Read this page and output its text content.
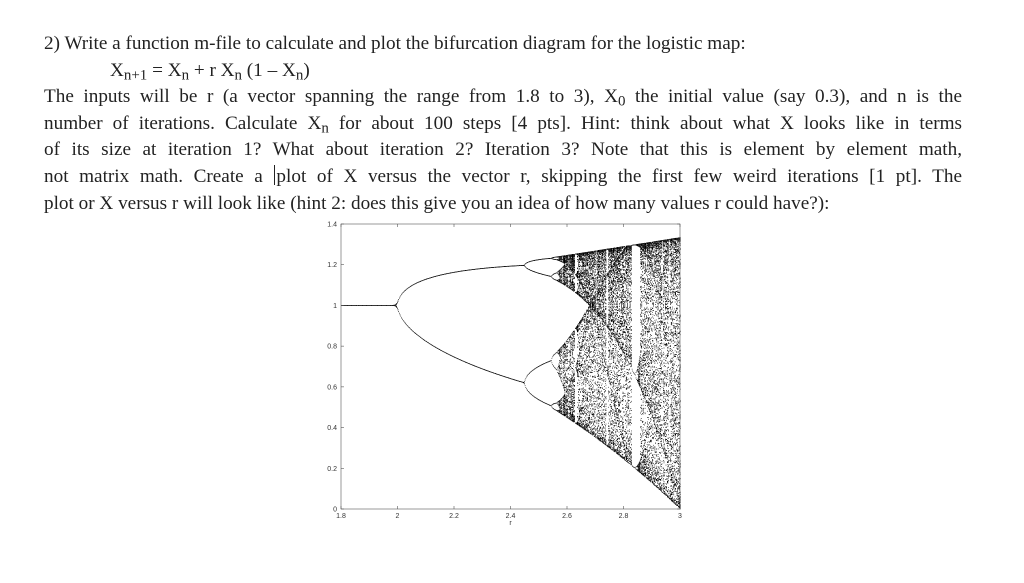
2) Write a function m-file to calculate and plot the bifurcation diagram for the logistic map:
$X_{n+1} = X_n + r$ $X_n$ $(1 - X_n)$
The inputs will be r (a vector spanning the range from 1.8 to 3), $X_0$ the initial value (say 0.3), and n is the
number of iterations. Calculate $X_n$ for about 100 steps [4 pts]. Hint: think about what X looks like in terms
of its size at iteration 1? What about iteration 2? Iteration 3? Note that this is element by element math,
not matrix math. Create a plot of X versus the vector r, skipping the first few weird iterations [1 pt]. The
plot or X versus r will look like (hint 2: does this give you an idea of how many values r could have?):
1.8	2	2.2	2.4	2.6	2.8	3
0
0.2
0.4
0.6
0.8
1
1.2
1.4
r
